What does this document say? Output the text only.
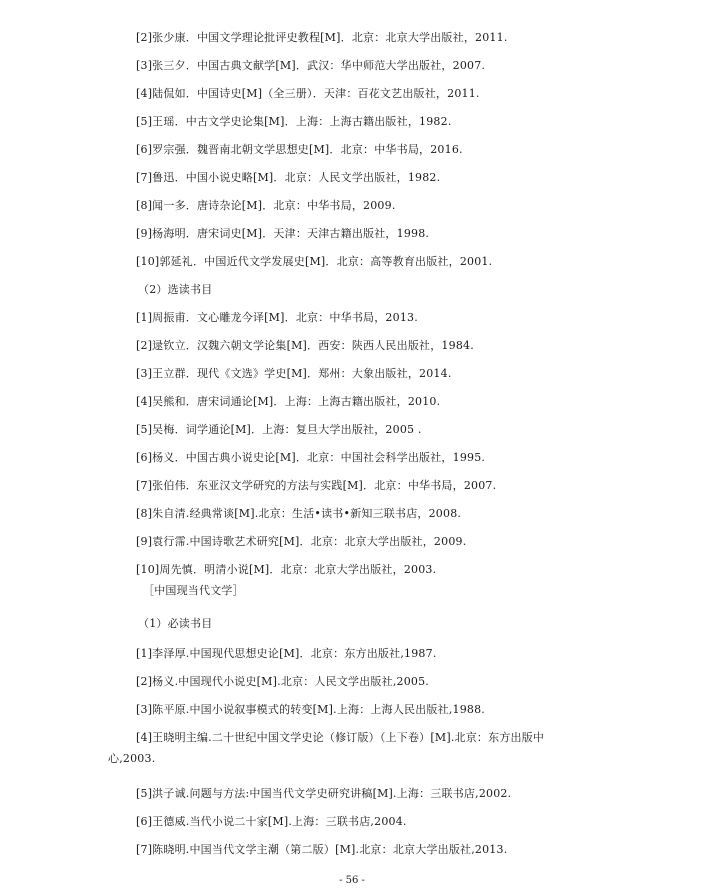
[2]张少康．中国文学理论批评史教程[M]．北京：北京大学出版社，2011.
[3]张三夕．中国古典文献学[M]．武汉：华中师范大学出版社，2007.
[4]陆侃如．中国诗史[M]（全三册）．天津：百花文艺出版社，2011.
[5]王瑶．中古文学史论集[M]．上海：上海古籍出版社，1982.
[6]罗宗强．魏晋南北朝文学思想史[M]．北京：中华书局，2016.
[7]鲁迅．中国小说史略[M]．北京：人民文学出版社，1982.
[8]闻一多．唐诗杂论[M]．北京：中华书局，2009.
[9]杨海明．唐宋词史[M]．天津：天津古籍出版社，1998.
[10]郭延礼．中国近代文学发展史[M]．北京：高等教育出版社，2001.
（2）选读书目
[1]周振甫．文心雕龙今译[M]．北京：中华书局，2013.
[2]逯钦立．汉魏六朝文学论集[M]．西安：陕西人民出版社，1984.
[3]王立群．现代《文选》学史[M]．郑州：大象出版社，2014.
[4]吴熊和．唐宋词通论[M]．上海：上海古籍出版社，2010.
[5]吴梅．词学通论[M]．上海：复旦大学出版社，2005 .
[6]杨义．中国古典小说史论[M]．北京：中国社会科学出版社，1995.
[7]张伯伟．东亚汉文学研究的方法与实践[M]．北京：中华书局，2007.
[8]朱自清.经典常谈[M].北京：生活•读书•新知三联书店，2008.
[9]袁行霈.中国诗歌艺术研究[M]．北京：北京大学出版社，2009.
[10]周先慎．明清小说[M]．北京：北京大学出版社，2003.
［中国现当代文学］
（1）必读书目
[1]李泽厚.中国现代思想史论[M]．北京：东方出版社,1987.
[2]杨义.中国现代小说史[M].北京：人民文学出版社,2005.
[3]陈平原.中国小说叙事模式的转变[M].上海：上海人民出版社,1988.
[4]王晓明主编.二十世纪中国文学史论（修订版）（上下卷）[M].北京：东方出版中
心,2003.
[5]洪子诚.问题与方法:中国当代文学史研究讲稿[M].上海：三联书店,2002.
[6]王德威.当代小说二十家[M].上海：三联书店,2004.
[7]陈晓明.中国当代文学主潮（第二版）[M].北京：北京大学出版社,2013.
- 56 -
